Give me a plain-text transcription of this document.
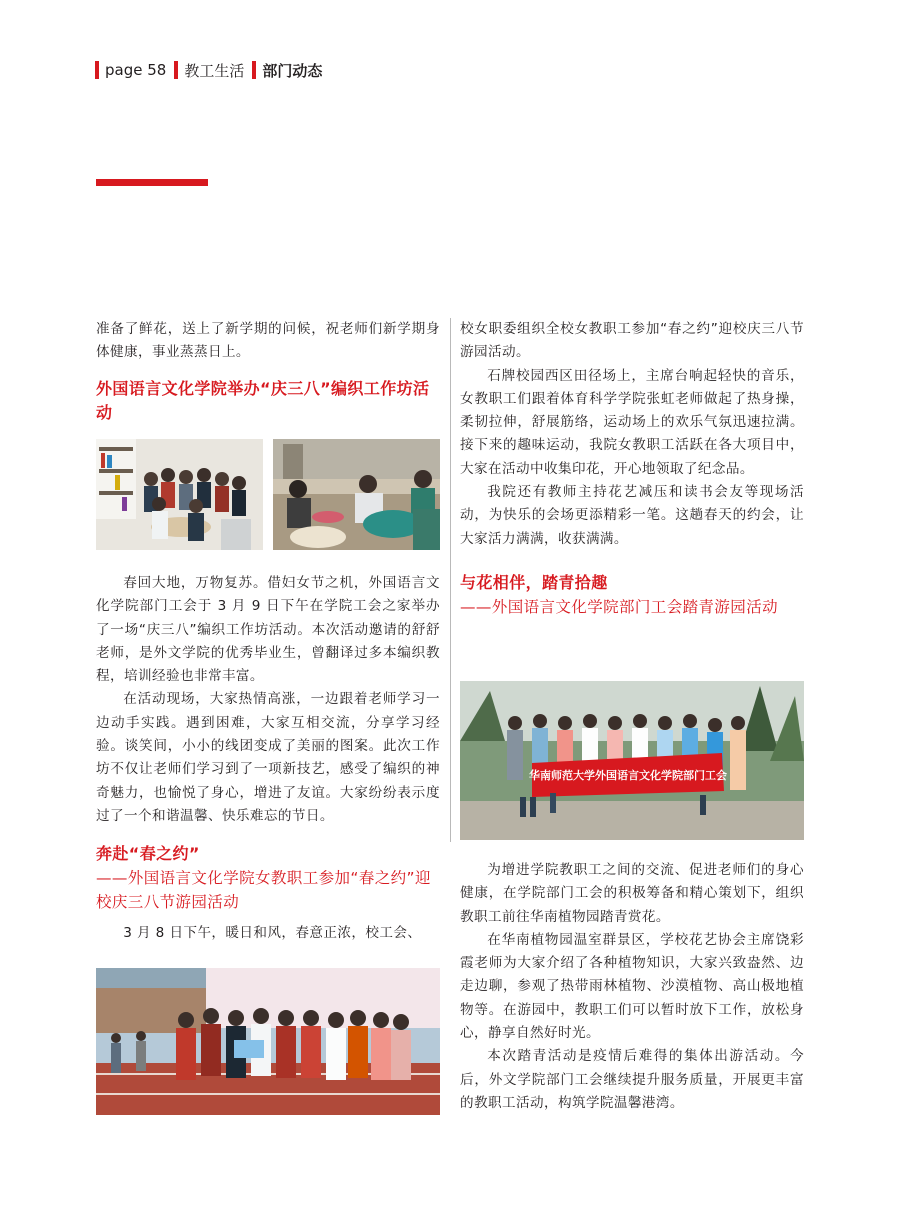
page 58 教工生活 部门动态

准备了鲜花，送上了新学期的问候，祝老师们新学期身体健康，事业蒸蒸日上。

外国语言文化学院举办“庆三八”编织工作坊活动

春回大地，万物复苏。借妇女节之机，外国语言文化学院部门工会于 3 月 9 日下午在学院工会之家举办了一场“庆三八”编织工作坊活动。本次活动邀请的舒舒老师，是外文学院的优秀毕业生，曾翻译过多本编织教程，培训经验也非常丰富。

在活动现场，大家热情高涨，一边跟着老师学习一边动手实践。遇到困难，大家互相交流，分享学习经验。谈笑间，小小的线团变成了美丽的图案。此次工作坊不仅让老师们学习到了一项新技艺，感受了编织的神奇魅力，也愉悦了身心，增进了友谊。大家纷纷表示度过了一个和谐温馨、快乐难忘的节日。

奔赴“春之约”
——外国语言文化学院女教职工参加“春之约”迎校庆三八节游园活动

3 月 8 日下午，暖日和风，春意正浓，校工会、

校女职委组织全校女教职工参加“春之约”迎校庆三八节游园活动。

石牌校园西区田径场上，主席台响起轻快的音乐，女教职工们跟着体育科学学院张虹老师做起了热身操，柔韧拉伸，舒展筋络，运动场上的欢乐气氛迅速拉满。接下来的趣味运动，我院女教职工活跃在各大项目中，大家在活动中收集印花，开心地领取了纪念品。

我院还有教师主持花艺减压和读书会友等现场活动，为快乐的会场更添精彩一笔。这趟春天的约会，让大家活力满满，收获满满。

与花相伴，踏青拾趣
——外国语言文化学院部门工会踏青游园活动
华南师范大学外国语言文化学院部门工会

为增进学院教职工之间的交流、促进老师们的身心健康，在学院部门工会的积极筹备和精心策划下，组织教职工前往华南植物园踏青赏花。

在华南植物园温室群景区，学校花艺协会主席饶彩霞老师为大家介绍了各种植物知识，大家兴致盎然、边走边聊，参观了热带雨林植物、沙漠植物、高山极地植物等。在游园中，教职工们可以暂时放下工作，放松身心，静享自然好时光。

本次踏青活动是疫情后难得的集体出游活动。今后，外文学院部门工会继续提升服务质量，开展更丰富的教职工活动，构筑学院温馨港湾。
